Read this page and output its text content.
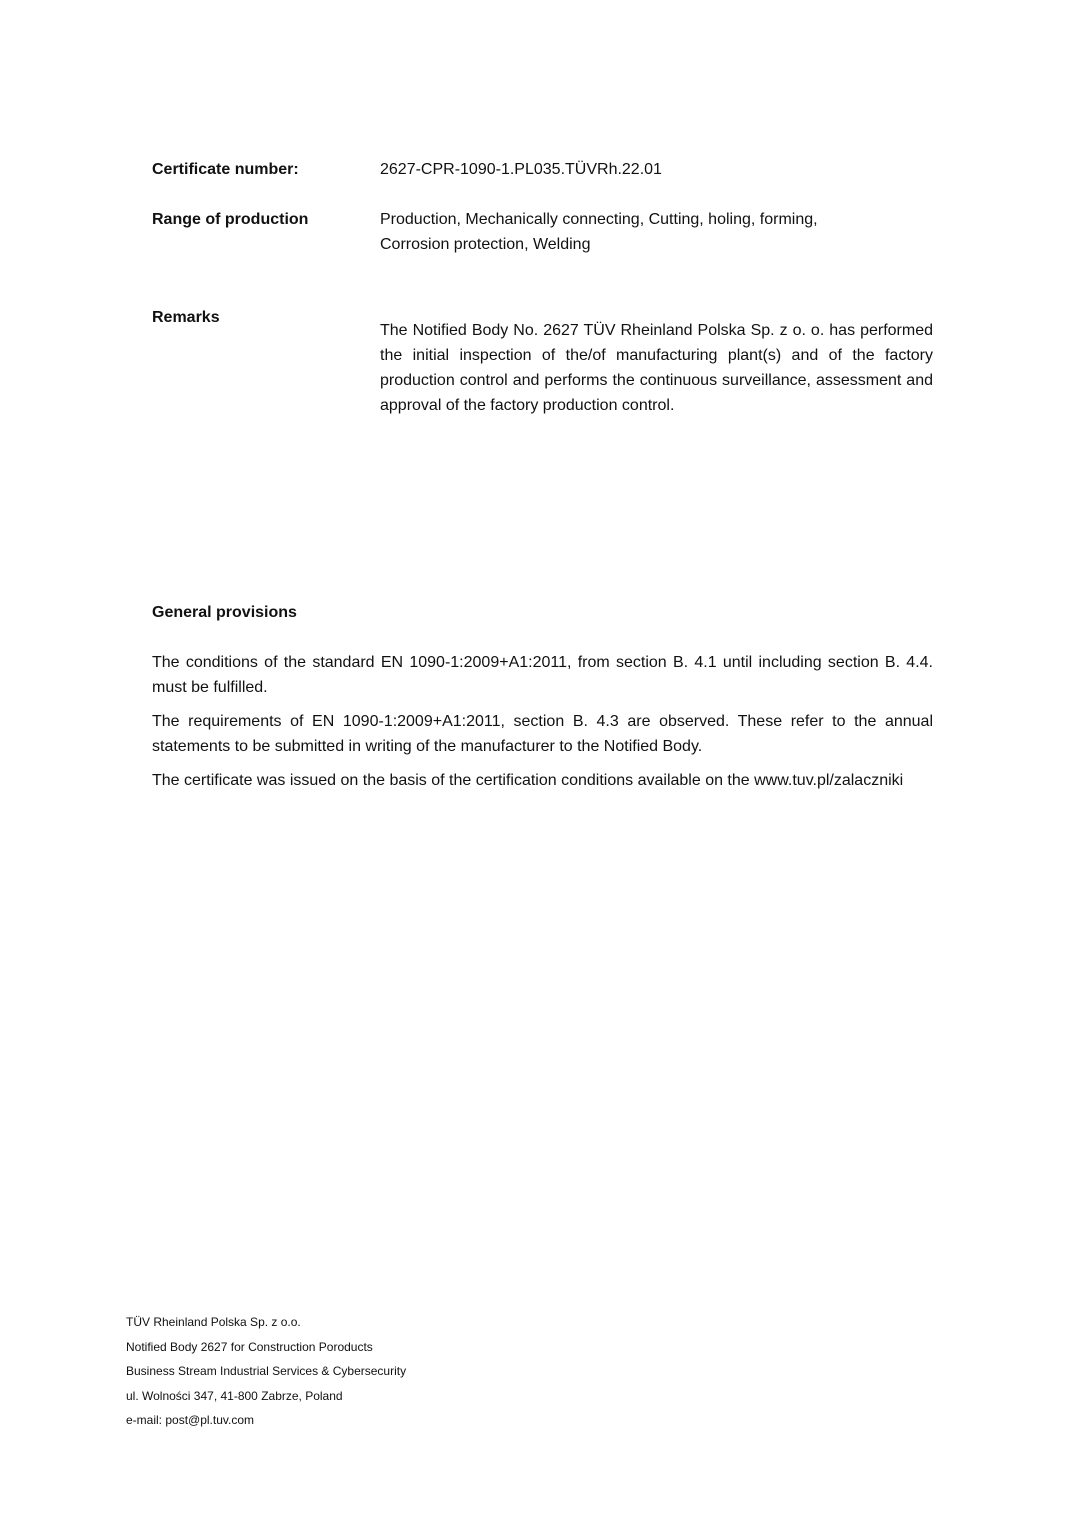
Certificate number:	2627-CPR-1090-1.PL035.TÜVRh.22.01
Range of production	Production, Mechanically connecting, Cutting, holing, forming,
Corrosion protection, Welding
Remarks
The Notified Body No. 2627 TÜV Rheinland Polska Sp. z o. o. has performed the initial inspection of the/of manufacturing plant(s) and of the factory production control and performs the continuous surveillance, assessment and approval of the factory production control.
General provisions
The conditions of the standard EN 1090-1:2009+A1:2011, from section B. 4.1 until including section B. 4.4. must be fulfilled.
The requirements of EN 1090-1:2009+A1:2011, section B. 4.3 are observed. These refer to the annual statements to be submitted in writing of the manufacturer to the Notified Body.
The certificate was issued on the basis of the certification conditions available on the www.tuv.pl/zalaczniki
TÜV Rheinland Polska Sp. z o.o.
Notified Body 2627 for Construction Poroducts
Business Stream Industrial Services & Cybersecurity
ul. Wolności 347, 41-800 Zabrze, Poland
e-mail: post@pl.tuv.com
